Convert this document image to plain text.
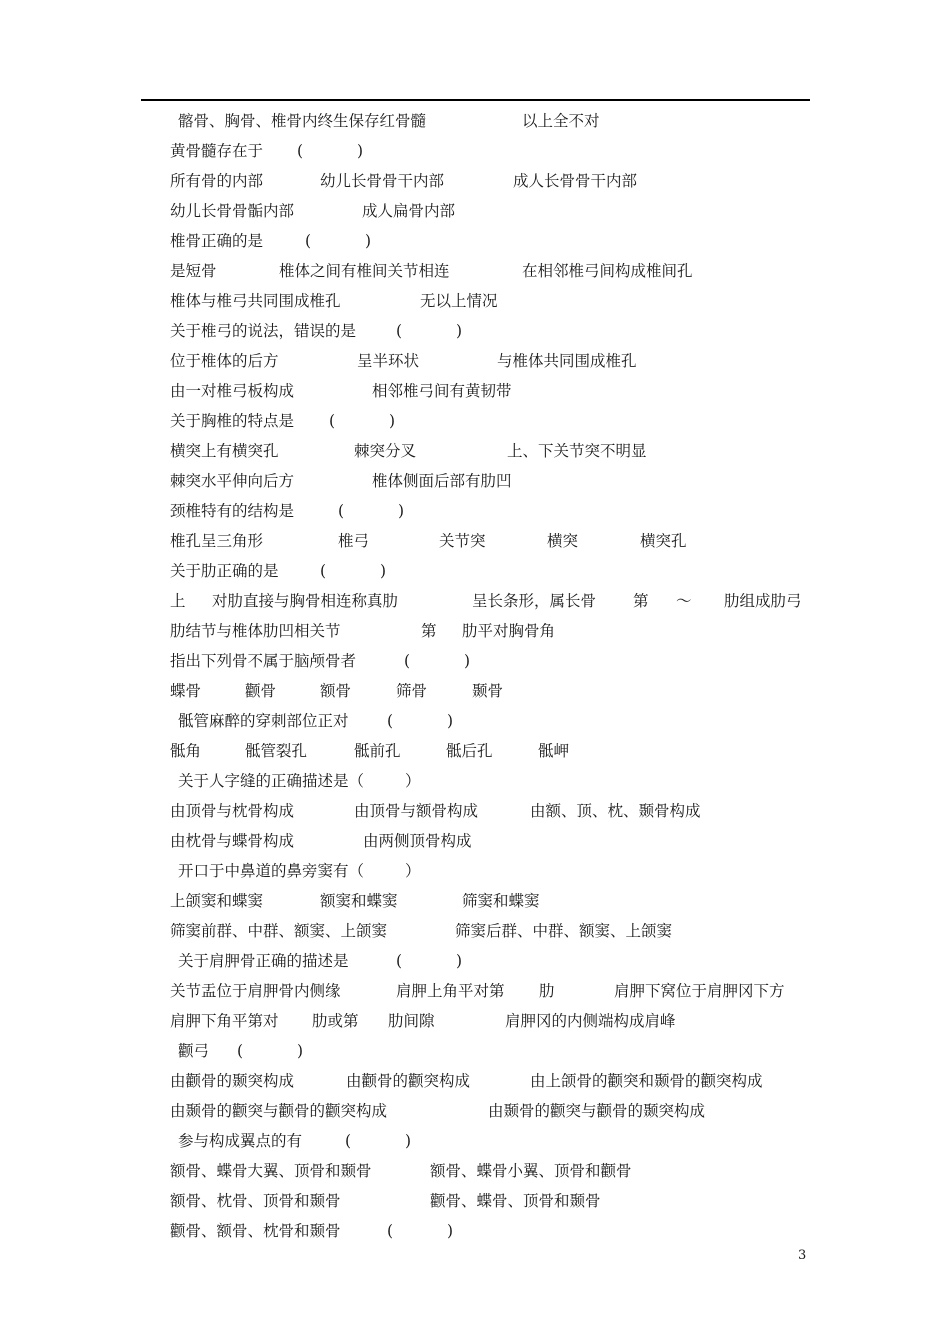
髂骨、胸骨、椎骨内终生保存红骨髓	以上全不对
黄骨髓存在于 (	)
所有骨的内部	幼儿长骨骨干内部	成人长骨骨干内部
幼儿长骨骨骺内部	成人扁骨内部
椎骨正确的是	(	)
是短骨	椎体之间有椎间关节相连	在相邻椎弓间构成椎间孔
椎体与椎弓共同围成椎孔	无以上情况
关于椎弓的说法，错误的是	(	)
位于椎体的后方	呈半环状	与椎体共同围成椎孔
由一对椎弓板构成	相邻椎弓间有黄韧带
关于胸椎的特点是 (	)
横突上有横突孔	棘突分叉	上、下关节突不明显
棘突水平伸向后方	椎体侧面后部有肋凹
颈椎特有的结构是	(	)
椎孔呈三角形	椎弓	关节突	横突	横突孔
关于肋正确的是	(	)
上 对肋直接与胸骨相连称真肋	呈长条形，属长骨 第 ～ 肋组成肋弓
肋结节与椎体肋凹相关节	第 肋平对胸骨角
指出下列骨不属于脑颅骨者	(	)
蝶骨	颧骨	额骨	筛骨	颞骨
骶管麻醉的穿刺部位正对 (	)
骶角	骶管裂孔	骶前孔	骶后孔	骶岬
关于人字缝的正确描述是（	）
由顶骨与枕骨构成	由顶骨与额骨构成	由额、顶、枕、颞骨构成
由枕骨与蝶骨构成	由两侧顶骨构成
开口于中鼻道的鼻旁窦有（	）
上颌窦和蝶窦	额窦和蝶窦	筛窦和蝶窦
筛窦前群、中群、额窦、上颌窦	筛窦后群、中群、额窦、上颌窦
关于肩胛骨正确的描述是	(	)
关节盂位于肩胛骨内侧缘	肩胛上角平对第 肋	肩胛下窝位于肩胛冈下方
肩胛下角平第对 肋或第 肋间隙	肩胛冈的内侧端构成肩峰
颧弓 (	)
由颧骨的颞突构成	由颧骨的颧突构成	由上颌骨的颧突和颞骨的颧突构成
由颞骨的颧突与颧骨的颧突构成	由颞骨的颧突与颧骨的颞突构成
参与构成翼点的有	(	)
额骨、蝶骨大翼、顶骨和颞骨	额骨、蝶骨小翼、顶骨和颧骨
额骨、枕骨、顶骨和颞骨	颧骨、蝶骨、顶骨和颞骨
颧骨、额骨、枕骨和颞骨	(	)
3
